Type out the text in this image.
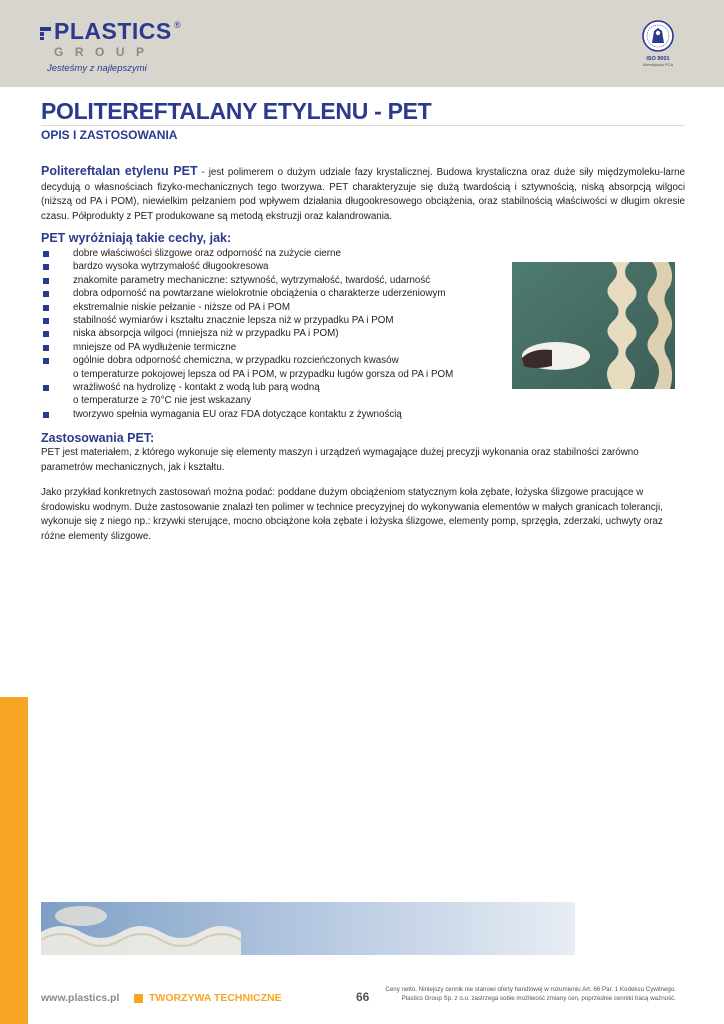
PLASTICS ®
GROUP
Jesteśmy z najlepszymi
ISO 9001
Akredytacja PCA
POLITEREFTALANY ETYLENU - PET
OPIS I ZASTOSOWANIA

Politereftalan etylenu PET - jest polimerem o dużym udziale fazy krystalicznej. Budowa krystaliczna oraz duże siły międzymoleku-larne decydują o własnościach fizyko-mechanicznych tego tworzywa. PET charakteryzuje się dużą twardością i sztywnością, niską absorpcją wilgoci (niższą od PA i POM), niewielkim pełzaniem pod wpływem działania długookresowego obciążenia, oraz stabilnością właściwości w długim okresie czasu. Półprodukty z PET produkowane są metodą ekstruzji oraz kalandrowania.

PET wyróżniają takie cechy, jak:
dobre właściwości ślizgowe oraz odporność na zużycie cierne
bardzo wysoka wytrzymałość długookresowa
znakomite parametry mechaniczne: sztywność, wytrzymałość, twardość, udarność
dobra odporność na powtarzane wielokrotnie obciążenia o charakterze uderzeniowym
ekstremalnie niskie pełzanie - niższe od PA i POM
stabilność wymiarów i kształtu znacznie lepsza niż w przypadku PA i POM
niska absorpcja wilgoci (mniejsza niż w przypadku PA i POM)
mniejsze od PA wydłużenie termiczne
ogólnie dobra odporność chemiczna, w przypadku rozcieńczonych kwasów
o temperaturze pokojowej lepsza od PA i POM, w przypadku ługów gorsza od PA i POM
wrażliwość na hydrolizę - kontakt z wodą lub parą wodną
o temperaturze ≥ 70°C nie jest wskazany
tworzywo spełnia wymagania EU oraz FDA dotyczące kontaktu z żywnością
Zastosowania PET:

PET jest materiałem, z którego wykonuje się elementy maszyn i urządzeń wymagające dużej precyzji wykonania oraz stabilności zarówno parametrów mechanicznych, jak i kształtu.

Jako przykład konkretnych zastosowań można podać: poddane dużym obciążeniom statycznym koła zębate, łożyska ślizgowe pracujące w środowisku wodnym. Duże zastosowanie znalazł ten polimer w technice precyzyjnej do wykonywania elementów w małych granicach tolerancji, wykonuje się z niego np.: krzywki sterujące, mocno obciążone koła zębate i łożyska ślizgowe, elementy pomp, sprzęgła, zderzaki, uchwyty oraz różne elementy ślizgowe.

www.plastics.pl	TWORZYWA TECHNICZNE	66
Ceny netto. Niniejszy cennik nie stanowi oferty handlowej w rozumieniu Art. 66 Par. 1 Kodeksu Cywilnego.
Plastics Group Sp. z o.o. zastrzega sobie możliwość zmiany cen, poprzednie cenniki tracą ważność.
